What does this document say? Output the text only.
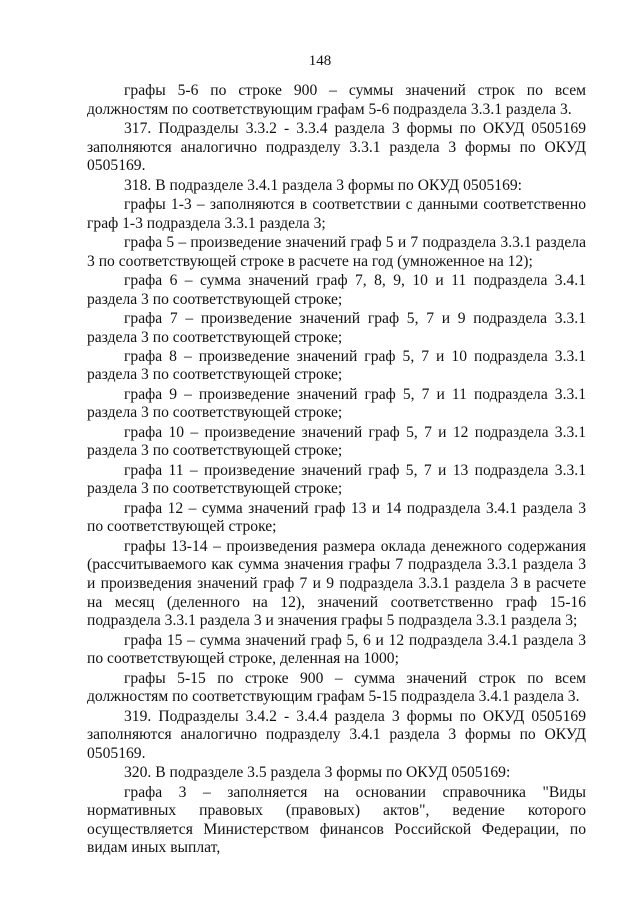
148

графы 5-6 по строке 900 – суммы значений строк по всем должностям по соответствующим графам 5-6 подраздела 3.3.1 раздела 3.

317. Подразделы 3.3.2 - 3.3.4 раздела 3 формы по ОКУД 0505169 заполняются аналогично подразделу 3.3.1 раздела 3 формы по ОКУД 0505169.

318. В подразделе 3.4.1 раздела 3 формы по ОКУД 0505169:

графы 1-3 – заполняются в соответствии с данными соответственно граф 1-3 подраздела 3.3.1 раздела 3;

графа 5 – произведение значений граф 5 и 7 подраздела 3.3.1 раздела 3 по соответствующей строке в расчете на год (умноженное на 12);

графа 6 – сумма значений граф 7, 8, 9, 10 и 11 подраздела 3.4.1 раздела 3 по соответствующей строке;

графа 7 – произведение значений граф 5, 7 и 9 подраздела 3.3.1 раздела 3 по соответствующей строке;

графа 8 – произведение значений граф 5, 7 и 10 подраздела 3.3.1 раздела 3 по соответствующей строке;

графа 9 – произведение значений граф 5, 7 и 11 подраздела 3.3.1 раздела 3 по соответствующей строке;

графа 10 – произведение значений граф 5, 7 и 12 подраздела 3.3.1 раздела 3 по соответствующей строке;

графа 11 – произведение значений граф 5, 7 и 13 подраздела 3.3.1 раздела 3 по соответствующей строке;

графа 12 – сумма значений граф 13 и 14 подраздела 3.4.1 раздела 3 по соответствующей строке;

графы 13-14 – произведения размера оклада денежного содержания (рассчитываемого как сумма значения графы 7 подраздела 3.3.1 раздела 3 и произведения значений граф 7 и 9 подраздела 3.3.1 раздела 3 в расчете на месяц (деленного на 12), значений соответственно граф 15-16 подраздела 3.3.1 раздела 3 и значения графы 5 подраздела 3.3.1 раздела 3;

графа 15 – сумма значений граф 5, 6 и 12 подраздела 3.4.1 раздела 3 по соответствующей строке, деленная на 1000;

графы 5-15 по строке 900 – сумма значений строк по всем должностям по соответствующим графам 5-15 подраздела 3.4.1 раздела 3.

319. Подразделы 3.4.2 - 3.4.4 раздела 3 формы по ОКУД 0505169 заполняются аналогично подразделу 3.4.1 раздела 3 формы по ОКУД 0505169.

320. В подразделе 3.5 раздела 3 формы по ОКУД 0505169:

графа 3 – заполняется на основании справочника "Виды нормативных правовых (правовых) актов", ведение которого осуществляется Министерством финансов Российской Федерации, по видам иных выплат,
